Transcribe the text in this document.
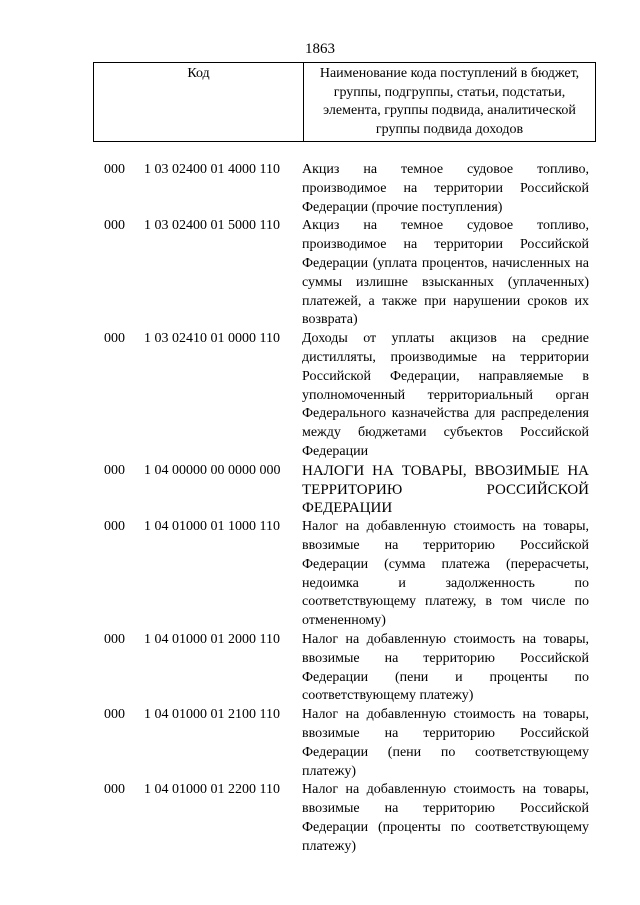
1863
Код	Наименование кода поступлений в бюджет, группы, подгруппы, статьи, подстатьи, элемента, группы подвида, аналитической группы подвида доходов
000 1 03 02400 01 4000 110 Акциз на темное судовое топливо, производимое на территории Российской Федерации (прочие поступления)
000 1 03 02400 01 5000 110 Акциз на темное судовое топливо, производимое на территории Российской Федерации (уплата процентов, начисленных на суммы излишне взысканных (уплаченных) платежей, а также при нарушении сроков их возврата)
000 1 03 02410 01 0000 110 Доходы от уплаты акцизов на средние дистилляты, производимые на территории Российской Федерации, направляемые в уполномоченный территориальный орган Федерального казначейства для распределения между бюджетами субъектов Российской Федерации
000 1 04 00000 00 0000 000 НАЛОГИ НА ТОВАРЫ, ВВОЗИМЫЕ НА ТЕРРИТОРИЮ РОССИЙСКОЙ ФЕДЕРАЦИИ
000 1 04 01000 01 1000 110 Налог на добавленную стоимость на товары, ввозимые на территорию Российской Федерации (сумма платежа (перерасчеты, недоимка и задолженность по соответствующему платежу, в том числе по отмененному)
000 1 04 01000 01 2000 110 Налог на добавленную стоимость на товары, ввозимые на территорию Российской Федерации (пени и проценты по соответствующему платежу)
000 1 04 01000 01 2100 110 Налог на добавленную стоимость на товары, ввозимые на территорию Российской Федерации (пени по соответствующему платежу)
000 1 04 01000 01 2200 110 Налог на добавленную стоимость на товары, ввозимые на территорию Российской Федерации (проценты по соответствующему платежу)
